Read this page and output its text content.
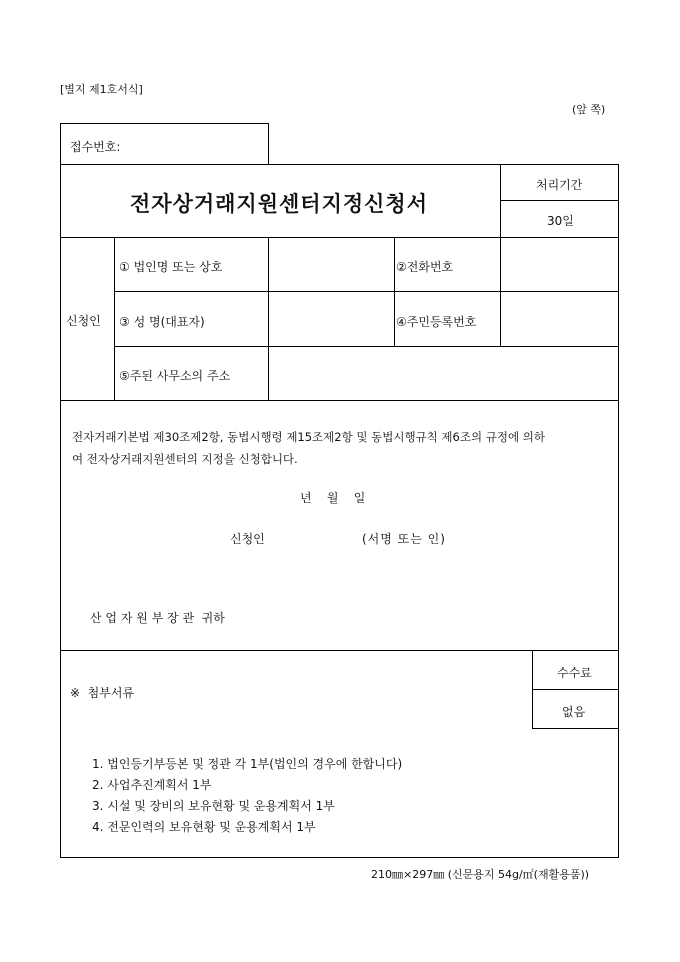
[별지 제1호서식]
(앞 쪽)
접수번호:
전자상거래지원센터지정신청서
처리기간
30일
신청인
① 법인명 또는 상호	②전화번호
③ 성 명(대표자)	④주민등록번호
⑤주된 사무소의 주소
전자거래기본법 제30조제2항, 동법시행령 제15조제2항 및 동법시행규칙 제6조의 규정에 의하
여 전자상거래지원센터의 지정을 신청합니다.
년    월    일
신청인	(서명 또는 인)
산 업 자 원 부 장 관  귀하
※  첨부서류
수수료
없음
1. 법인등기부등본 및 정관 각 1부(법인의 경우에 한합니다)
2. 사업추진계획서 1부
3. 시설 및 장비의 보유현황 및 운용계획서 1부
4. 전문인력의 보유현황 및 운용계획서 1부
210㎜×297㎜ (신문용지 54g/㎡(재활용품))
